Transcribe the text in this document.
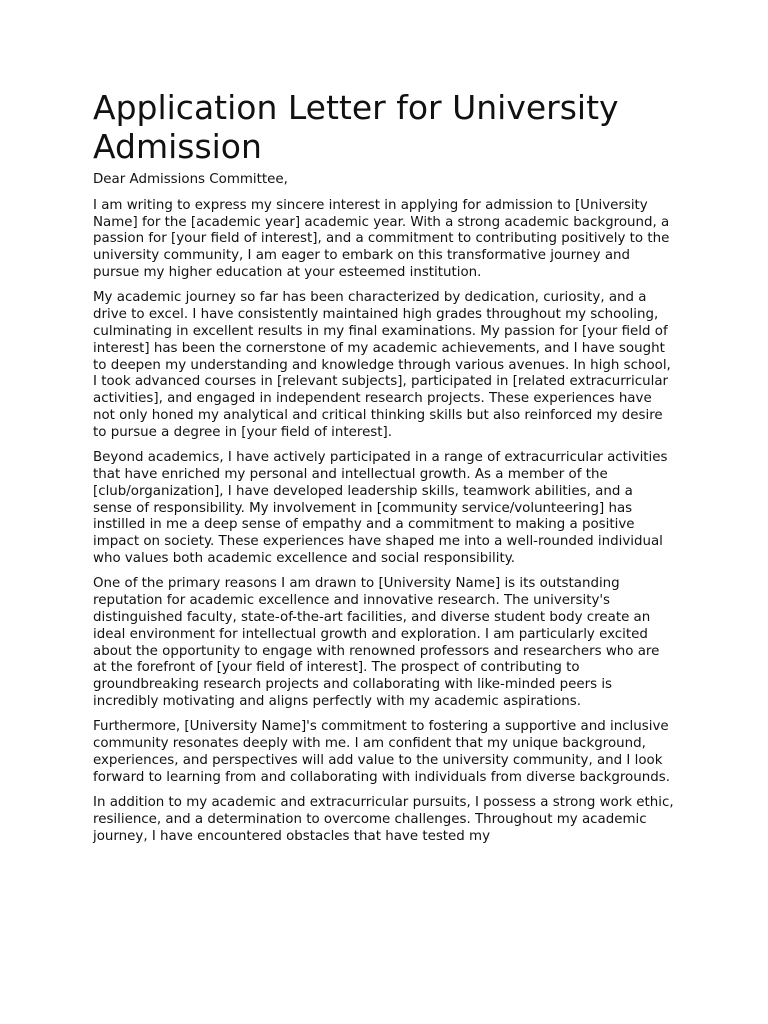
Application Letter for University Admission

Dear Admissions Committee,

I am writing to express my sincere interest in applying for admission to [University Name] for the [academic year] academic year. With a strong academic background, a passion for [your field of interest], and a commitment to contributing positively to the university community, I am eager to embark on this transformative journey and pursue my higher education at your esteemed institution.

My academic journey so far has been characterized by dedication, curiosity, and a drive to excel. I have consistently maintained high grades throughout my schooling, culminating in excellent results in my final examinations. My passion for [your field of interest] has been the cornerstone of my academic achievements, and I have sought to deepen my understanding and knowledge through various avenues. In high school, I took advanced courses in [relevant subjects], participated in [related extracurricular activities], and engaged in independent research projects. These experiences have not only honed my analytical and critical thinking skills but also reinforced my desire to pursue a degree in [your field of interest].

Beyond academics, I have actively participated in a range of extracurricular activities that have enriched my personal and intellectual growth. As a member of the [club/organization], I have developed leadership skills, teamwork abilities, and a sense of responsibility. My involvement in [community service/volunteering] has instilled in me a deep sense of empathy and a commitment to making a positive impact on society. These experiences have shaped me into a well-rounded individual who values both academic excellence and social responsibility.

One of the primary reasons I am drawn to [University Name] is its outstanding reputation for academic excellence and innovative research. The university's distinguished faculty, state-of-the-art facilities, and diverse student body create an ideal environment for intellectual growth and exploration. I am particularly excited about the opportunity to engage with renowned professors and researchers who are at the forefront of [your field of interest]. The prospect of contributing to groundbreaking research projects and collaborating with like-minded peers is incredibly motivating and aligns perfectly with my academic aspirations.

Furthermore, [University Name]'s commitment to fostering a supportive and inclusive community resonates deeply with me. I am confident that my unique background, experiences, and perspectives will add value to the university community, and I look forward to learning from and collaborating with individuals from diverse backgrounds.

In addition to my academic and extracurricular pursuits, I possess a strong work ethic, resilience, and a determination to overcome challenges. Throughout my academic journey, I have encountered obstacles that have tested my
